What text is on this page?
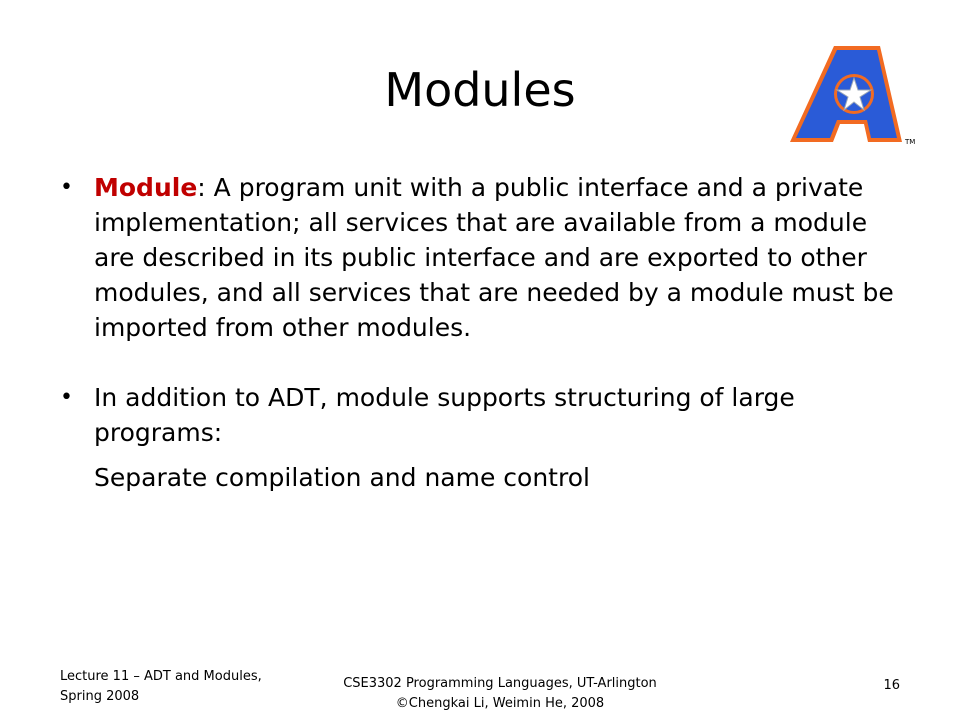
Modules
TM
• Module: A program unit with a public interface and a private implementation; all services that are available from a module are described in its public interface and are exported to other modules, and all services that are needed by a module must be imported from other modules.
• In addition to ADT, module supports structuring of large programs:
Separate compilation and name control
Lecture 11 – ADT and Modules,
Spring 2008
CSE3302 Programming Languages, UT-Arlington
©Chengkai Li, Weimin He, 2008
16
